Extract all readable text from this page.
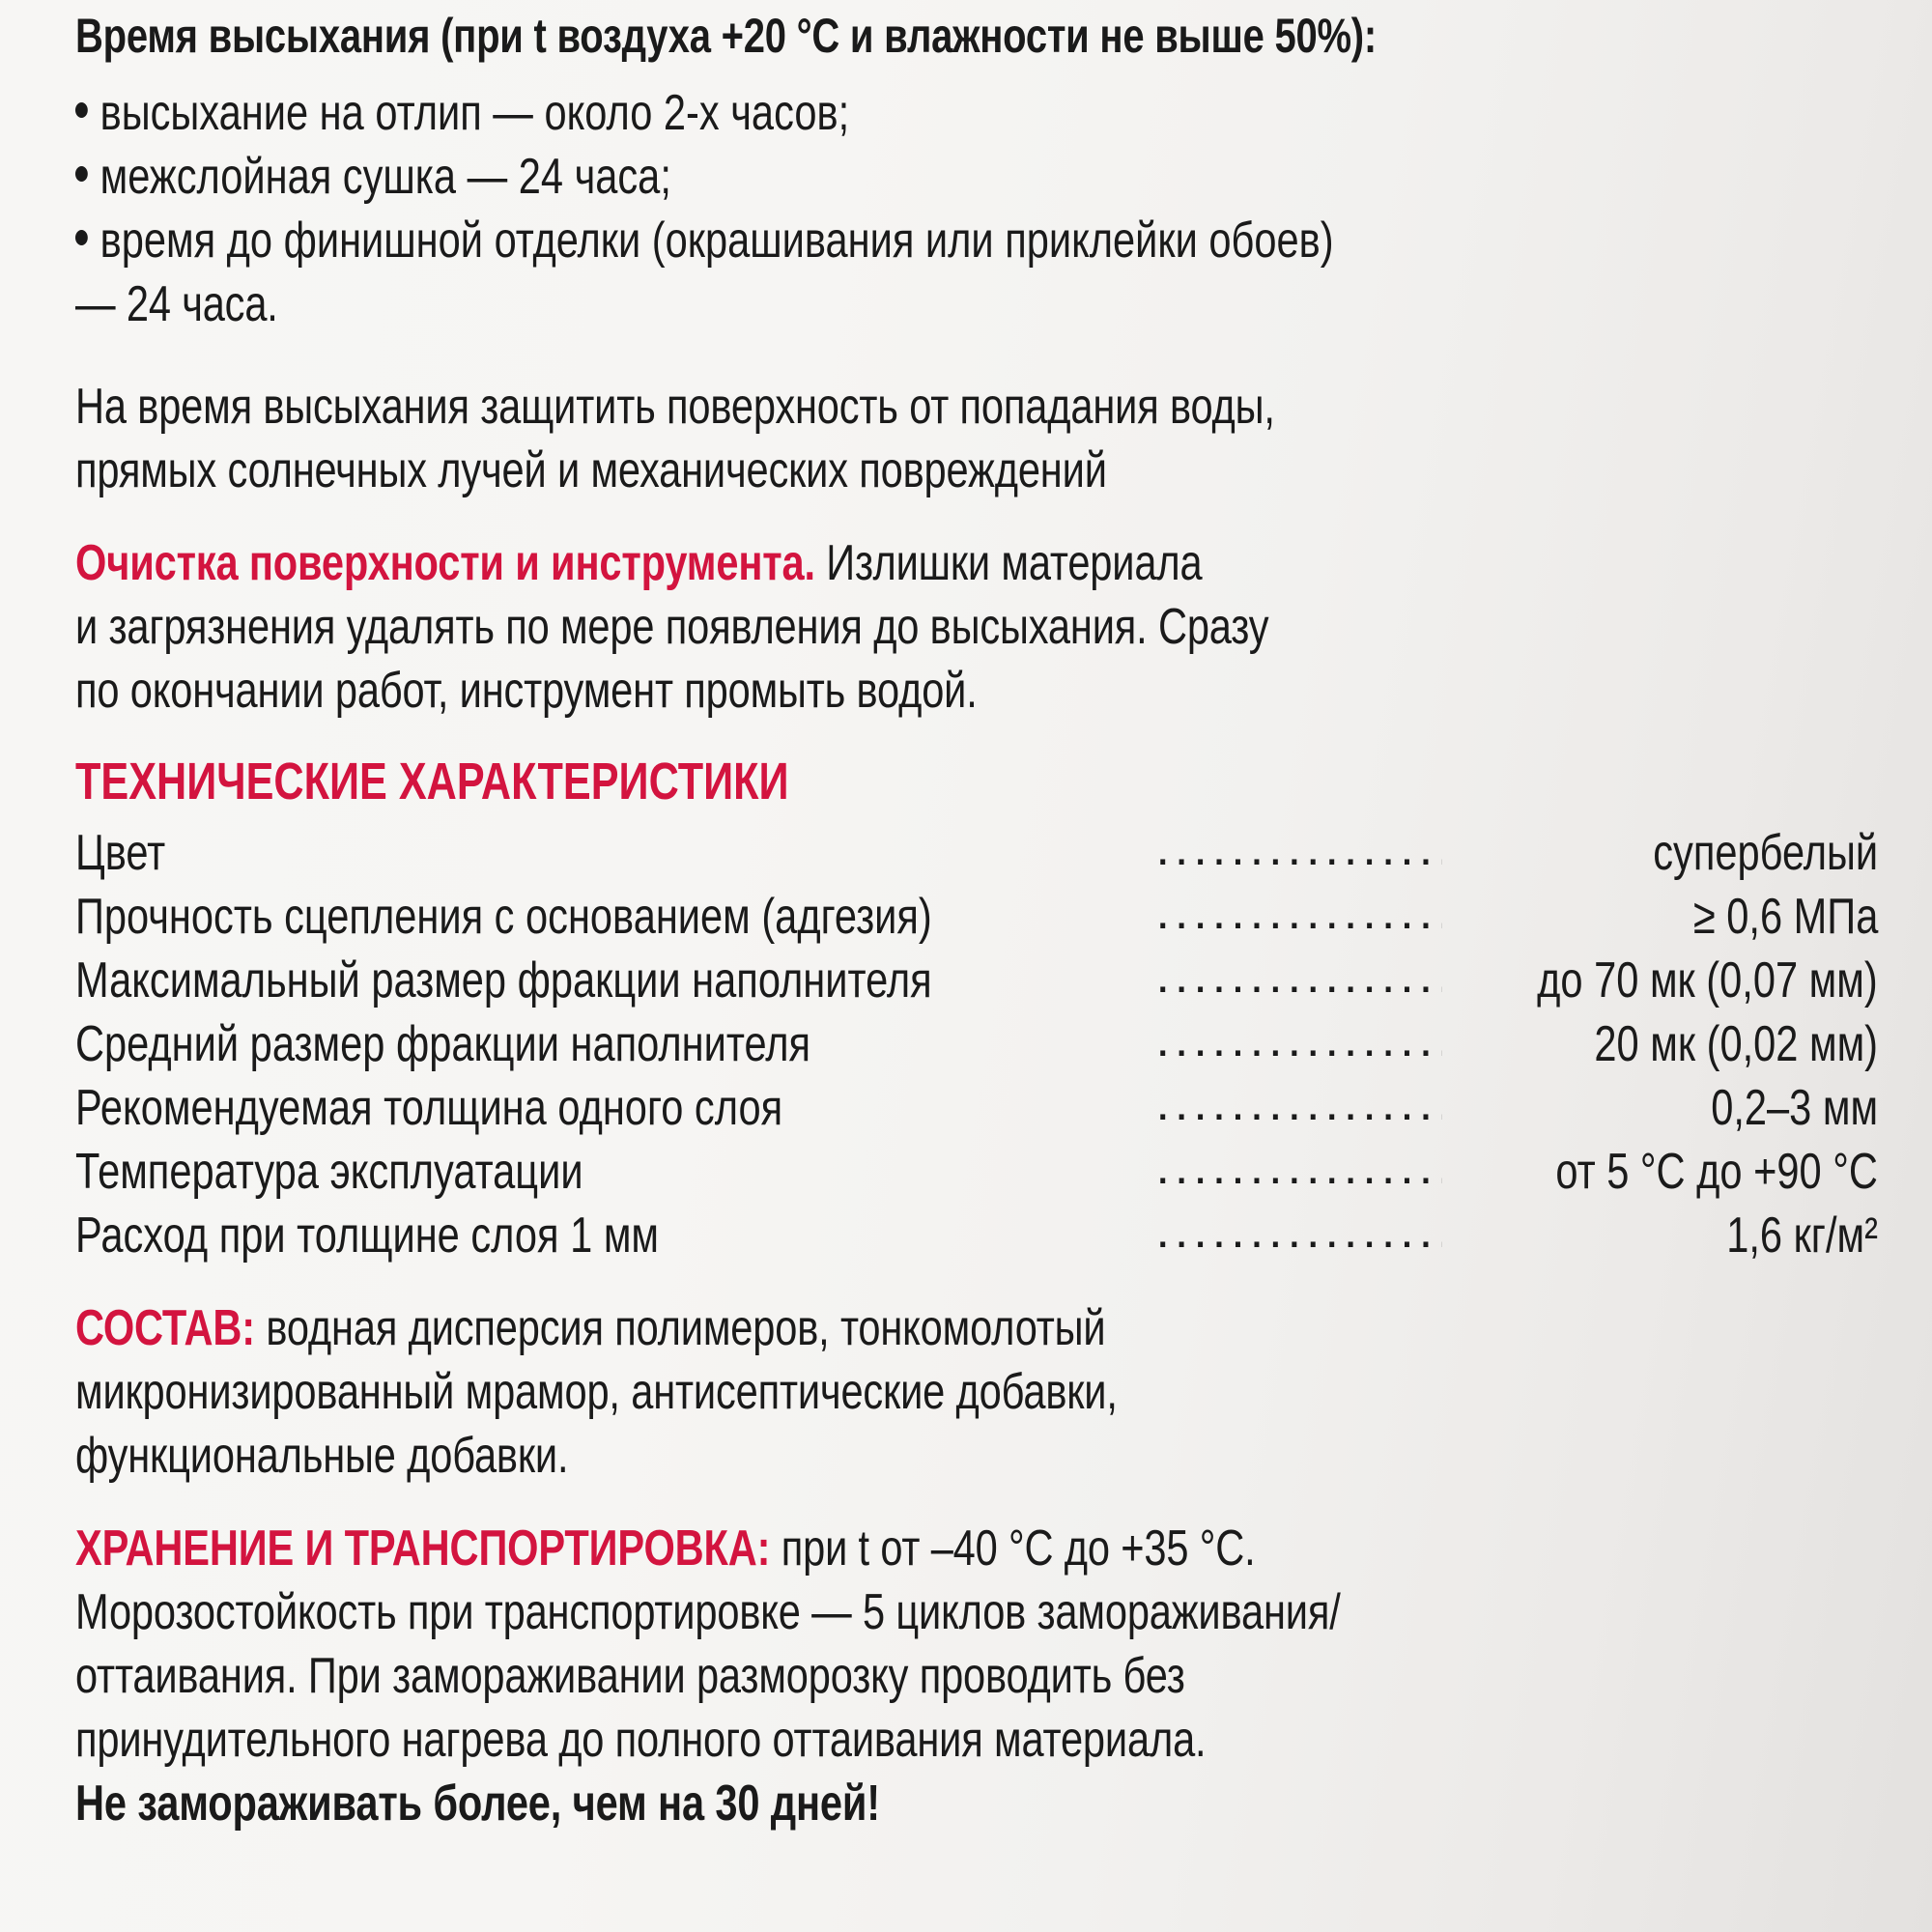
Время высыхания (при t воздуха +20 °C и влажности не выше 50%):
высыхание на отлип — около 2-х часов;
межслойная сушка — 24 часа;
время до финишной отделки (окрашивания или приклейки обоев)
— 24 часа.
На время высыхания защитить поверхность от попадания воды,
прямых солнечных лучей и механических повреждений
Очистка поверхности и инструмента. Излишки материала
и загрязнения удалять по мере появления до высыхания. Сразу
по окончании работ, инструмент промыть водой.
ТЕХНИЧЕСКИЕ ХАРАКТЕРИСТИКИ
Цвет	.....	супербелый
Прочность сцепления с основанием (адгезия)	.....	≥ 0,6 МПа
Максимальный размер фракции наполнителя	.....	до 70 мк (0,07 мм)
Средний размер фракции наполнителя	.....	20 мк (0,02 мм)
Рекомендуемая толщина одного слоя	.....	0,2–3 мм
Температура эксплуатации	.....	от 5 °C до +90 °C
Расход при толщине слоя 1 мм	.....	1,6 кг/м²
СОСТАВ: водная дисперсия полимеров, тонкомолотый
микронизированный мрамор, антисептические добавки,
функциональные добавки.
ХРАНЕНИЕ И ТРАНСПОРТИРОВКА: при t от –40 °C до +35 °C.
Морозостойкость при транспортировке — 5 циклов замораживания/
оттаивания. При замораживании разморозку проводить без
принудительного нагрева до полного оттаивания материала.
Не замораживать более, чем на 30 дней!
